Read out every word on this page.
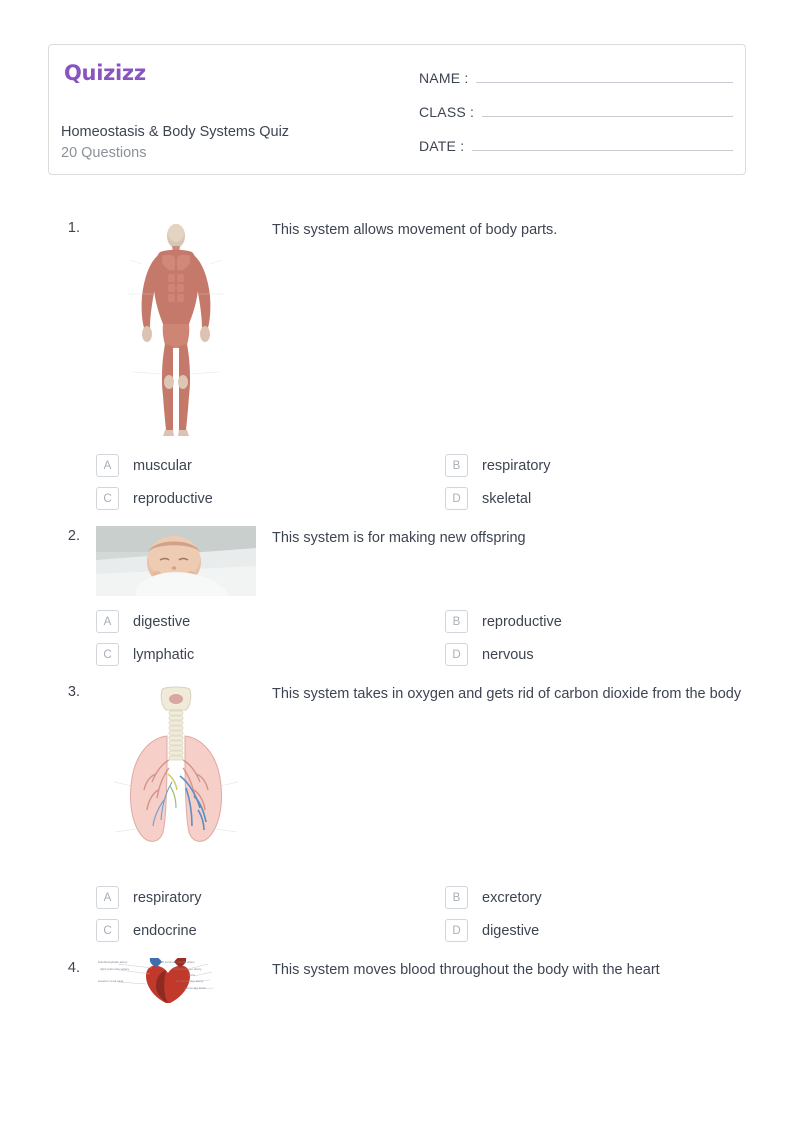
Quizizz
Homeostasis & Body Systems Quiz
20 Questions
NAME :
CLASS :
DATE :
1.	This system allows movement of body parts.
A	muscular	B	respiratory
C	reproductive	D	skeletal
2.	This system is for making new offspring
A	digestive	B	reproductive
C	lymphatic	D	nervous
3.	This system takes in oxygen and gets rid of carbon dioxide from the body
A	respiratory	B	excretory
C	endocrine	D	digestive
4.	brachiocephalic artery
right pulmonary artery
superior vena cava
left common carotid artery
left subclavian artery
aorta
left pulmonary artery
pulmonary trunk
This system moves blood throughout the body with the heart
